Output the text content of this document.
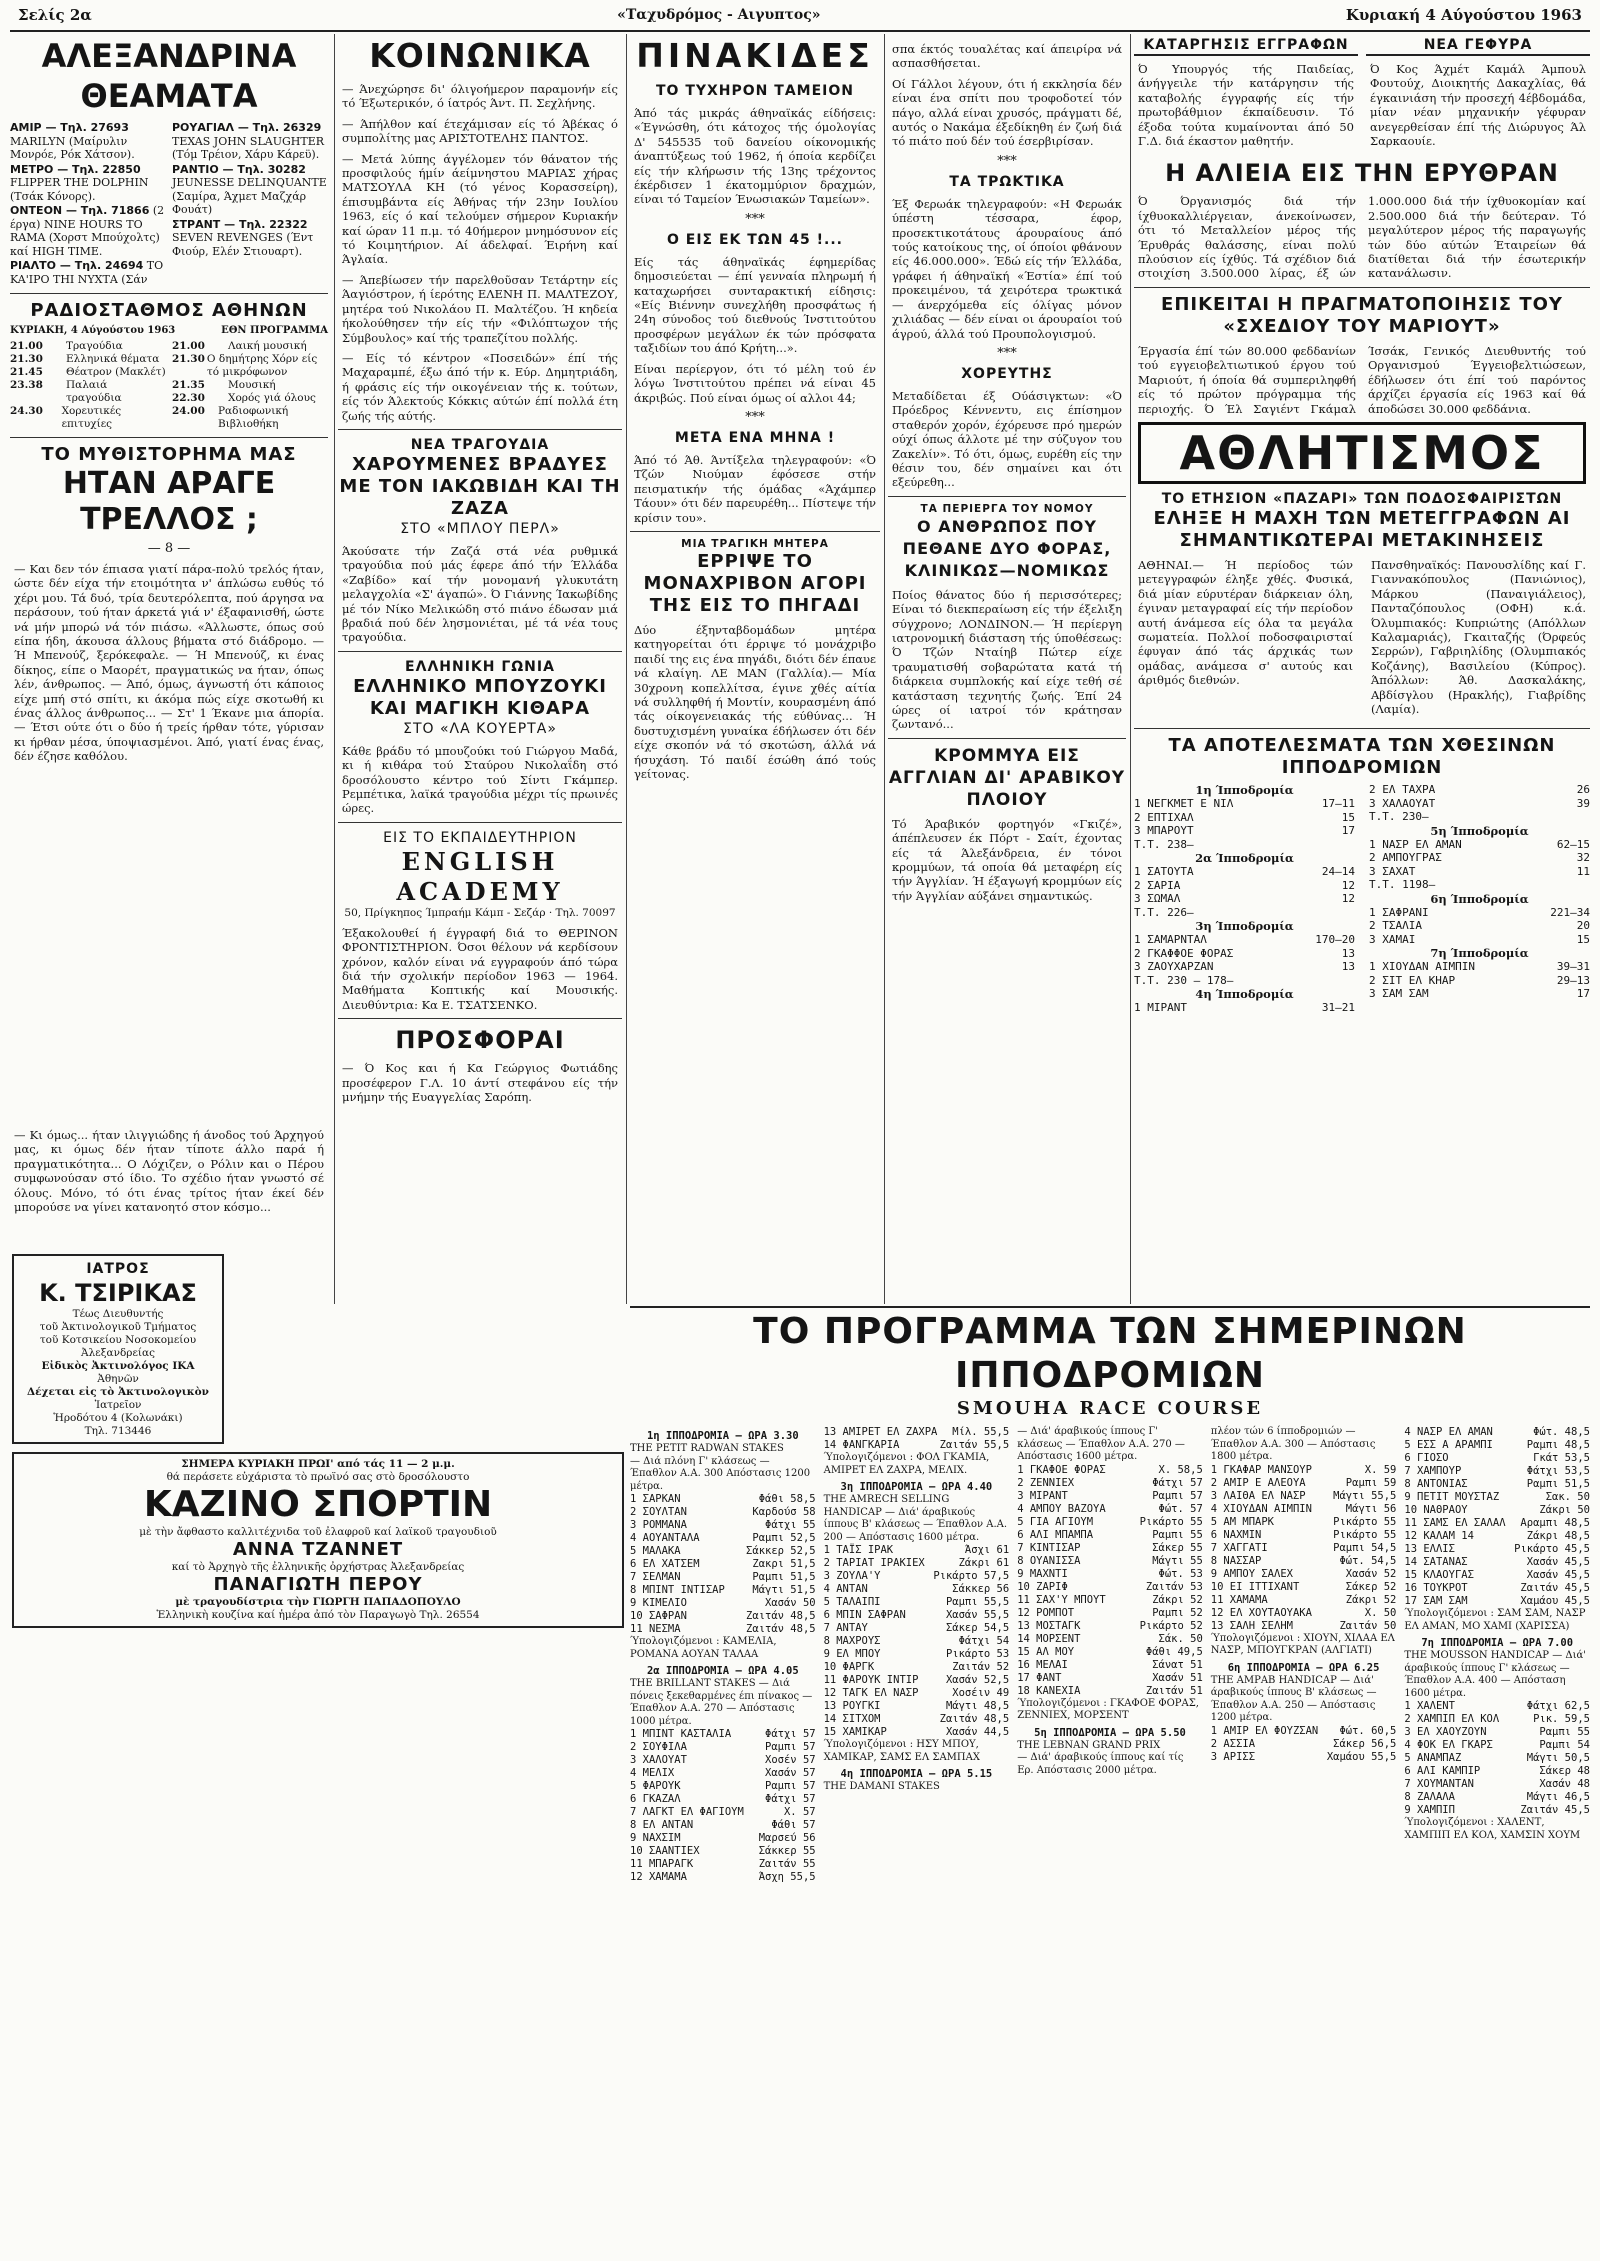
Σελίς 2α	«Ταχυδρόμος - Αιγυπτος»	Κυριακή 4 Αύγούστου 1963
ΑΛΕΞΑΝΔΡΙΝΑ ΘΕΑΜΑΤΑ
ΑΜΙΡ — Τηλ. 27693 MARILYN (Μαίρυλιν Μονρόε, Ρόκ Χάτσον).
ΜΕΤΡΟ — Τηλ. 22850 FLIPPER THE DOLPHIN (Τσάκ Κόνορς).
ΟΝΤΕΟΝ — Τηλ. 71866 (2 έργα) NINE HOURS TO RAMA (Χορστ Μπούχολτς) καί HIGH TIME.
ΡΙΑΛΤΟ — Τηλ. 24694 TO KA'IPO ΤΗΙ ΝΥΧΤΑ (Σάν
ΡΟΥΑΓΙΑΛ — Τηλ. 26329 TEXAS JOHN SLAUGHTER (Τόμ Τρέιον, Χάρυ Κάρεϋ).
ΡΑΝΤΙΟ — Τηλ. 30282 JEUNESSE DELINQUANTE (Σαμίρα, Άχμετ Μαζχάρ Φουάτ)
ΣΤΡΑΝΤ — Τηλ. 22322 SEVEN REVENGES (Έντ Φιούρ, Ελέν Στιουαρτ).
ΡΑΔΙΟΣΤΑΘΜΟΣ ΑΘΗΝΩΝ
ΚΥΡΙΑΚΗ, 4 Αύγούστου 1963	ΕΘΝ ΠΡΟΓΡΑΜΜΑ
21.00	Τραγούδια
21.30	Ελληνικά θέματα
21.45	Θέατρον (Μακλέτ)
23.38	Παλαιά τραγούδια
24.30	Χορευτικές επιτυχίες
21.00	Λαική μουσική
21.30 Ο δημήτρης Χόρν είς τό μικρόφωνον
21.35	Μουσική
22.30	Χορός γιά όλους
24.00	Ραδιοφωνική Βιβλιοθήκη
ΤΟ ΜΥΘΙΣΤΟΡΗΜΑ ΜΑΣ
ΗΤΑΝ ΑΡΑΓΕ ΤΡΕΛΛΟΣ ;
— 8 —

— Και δεν τόν έπιασα γιατί πάρα-πολύ τρελός ήταν, ώστε δέν είχα τήν ετοιμότητα ν' άπλώσω ευθύς τό χέρι μου. Τά δυό, τρία δευτερόλεπτα, πού άργησα να περάσουν, τού ήταν άρκετά γιά ν' έξαφανισθή, ώστε νά μήν μπορώ νά τόν πιάσω. «Άλλωστε, όπως σού είπα ήδη, άκουσα άλλους βήματα στό διάδρομο. — Ή Μπενούζ, ξερόκεφαλε. — Ή Μπενούζ, κι ένας δίκηος, είπε ο Μαορέτ, πραγματικώς να ήταν, όπως λέν, άνθρωπος. — Άπό, όμως, άγνωστή ότι κάποιος είχε μπή στό σπίτι, κι άκόμα πώς είχε σκοτωθή κι ένας άλλος άνθρωπος... — Στ' 1 Έκανε μια άπορία. — Έτσι ούτε ότι ο δύο ή τρείς ήρθαν τότε, γύρισαν κι ήρθαν μέσα, ύποψιασμένοι. Άπό, γιατί ένας ένας, δέν έζησε καθόλου.

— Κι όμως... ήταν ιλιγγιώδης ή άνοδος τού Άρχηγού μας, κι όμως δέν ήταν τίποτε άλλο παρά ή πραγματικότητα... Ο Λόχιζεν, ο Ρόλιν και ο Πέρου συμφωνούσαν στό ίδιο. Το σχέδιο ήταν γνωστό σέ όλους. Μόνο, τό ότι ένας τρίτος ήταν έκεί δέν μπορούσε να γίνει κατανοητό στον κόσμο...

ΙΑΤΡΟΣ
Κ. ΤΣΙΡΙΚΑΣ
Τέως Διευθυντής
τοῦ Ἀκτινολογικοῦ Τμήματος
τοῦ Κοτσικείου Νοσοκομείου
Ἀλεξανδρείας
Εἰδικὸς Ἀκτινολόγος ΙΚΑ
Ἀθηνῶν
Δέχεται εἰς τὸ Ἀκτινολογικὸν
Ἰατρεῖον
Ἡροδότου 4 (Κολωνάκι)
Τηλ. 713446
ΣΗΜΕΡΑ ΚΥΡΙΑΚΗ ΠΡΩΙ' από τάς 11 — 2 μ.μ.
θά περάσετε εὐχάριστα τὸ πρωϊνό σας στὸ δροσόλουστο
ΚΑΖΙΝΟ ΣΠΟΡΤΙΝ
μὲ τὴν ἄφθαστο καλλιτέχνιδα τοῦ ἐλαφροῦ καί λαϊκοῦ τραγουδιοῦ
ΑΝΝΑ ΤΖΑΝΝΕΤ
καί τὸ Ἀρχηγὸ τῆς ἐλληνικῆς ὀρχήστρας Ἀλεξανδρείας
ΠΑΝΑΓΙΩΤΗ ΠΕΡΟΥ
μὲ τραγουδίστρια τὴν ΓΙΩΡΓΗ ΠΑΠΑΔΟΠΟΥΛΟ
Ἑλληνικὴ κουζίνα καί ἡμέρα ἀπό τὸν Παραγωγὸ Τηλ. 26554
ΚΟΙΝΩΝΙΚΑ

— Άνεχώρησε δι' όλιγοήμερον παραμονήν είς τό Έξωτερικόν, ό ίατρός Άντ. Π. Σεχλήνης.

— Άπήλθον καί έτεχάμισαν είς τό Άβέκας ό συμπολίτης μας ΑΡΙΣΤΟΤΕΛΗΣ ΠΑΝΤΟΣ.

— Μετά λύπης άγγέλομεν τόν θάνατον τής προσφιλούς ήμίν άείμνηστου ΜΑΡΙΑΣ χήρας ΜΑΤΣΟΥΛΑ ΚΗ (τό γένος Κορασσείρη), έπισυμβάντα είς Άθήνας τήν 23ην Ιουλίου 1963, είς ό καί τελούμεν σήμερον Κυριακήν καί ώραν 11 π.μ. τό 40ήμερον μνημόσυνον είς τό Κοιμητήριον. Αί άδελφαί. Έιρήνη καί Άγλαία.

— Άπεβίωσεν τήν παρελθοῦσαν Τετάρτην είς Άαγιόστρον, ή ίερότης ΕΛΕΝΗ Π. ΜΑΛΤΕΖΟΥ, μητέρα τού Νικολάου Π. Μαλτέζου. Ή κηδεία ήκολούθησεν τήν είς τήν «Φιλόπτωχον τής Σύμβουλος» καί τής τραπεζίτου πολλής.

— Είς τό κέντρον «Ποσειδών» έπί τής Μαχαραμπέ, έξω άπό τήν κ. Εύρ. Δημητριάδη, ή φράσις είς τήν οικογένειαν τής κ. τούτων, είς τόν Άλεκτούς Κόκκις αύτών έπί πολλά έτη ζωής τής αύτής.

ΝΕΑ ΤΡΑΓΟΥΔΙΑ
ΧΑΡΟΥΜΕΝΕΣ ΒΡΑΔΥΕΣ ΜΕ ΤΟΝ ΙΑΚΩΒΙΔΗ ΚΑΙ ΤΗ ΖΑΖΑ
ΣΤΟ «ΜΠΛΟΥ ΠΕΡΛ»

Άκούσατε τήν Ζαζά στά νέα ρυθμικά τραγούδια πού μάς έφερε άπό τήν Έλλάδα «Ζαβίδο» καί τήν μονομανή γλυκυτάτη μελαγχολία «Σ' άγαπώ». Ό Γιάννης Ίακωβίδης μέ τόν Νίκο Μελικώδη στό πιάνο έδωσαν μιά βραδιά πού δέν λησμονιέται, μέ τά νέα τους τραγούδια.

ΕΛΛΗΝΙΚΗ ΓΩΝΙΑ
ΕΛΛΗΝΙΚΟ ΜΠΟΥΖΟΥΚΙ ΚΑΙ ΜΑΓΙΚΗ ΚΙΘΑΡΑ
ΣΤΟ «ΛΑ ΚΟΥΕΡΤΑ»

Κάθε βράδυ τό μπουζούκι τού Γιώργου Μαδά, κι ή κιθάρα τού Σταύρου Νικολαΐδη στό δροσόλουστο κέντρο τού Σίντι Γκάμπερ. Ρεμπέτικα, λαϊκά τραγούδια μέχρι τίς πρωινές ώρες.

ΕΙΣ ΤΟ ΕΚΠΑΙΔΕΥΤΗΡΙΟΝ
ENGLISH ACADEMY
50, Πρίγκηπος Ίμπραήμ Κάμπ - Σεζάρ · Τηλ. 70097

Έξακολουθεί ή έγγραφή διά το ΘΕΡΙΝΟΝ ΦΡΟΝΤΙΣΤΗΡΙΟΝ. Όσοι θέλουν νά κερδίσουν χρόνον, καλόν είναι νά εγγραφούν άπό τώρα διά τήν σχολικήν περίοδον 1963 — 1964. Μαθήματα Κοπτικής καί Μουσικής. Διευθύντρια: Κα Ε. ΤΣΑΤΣΕΝΚΟ.

ΠΡΟΣΦΟΡΑΙ

— Ό Κος και ή Κα Γεώργιος Φωτιάδης προσέφερον Γ.Λ. 10 άντί στεφάνου είς τήν μνήμην τής Ευαγγελίας Σαρόπη.

ΠΙΝΑΚΙΔΕΣ
ΤΟ ΤΥΧΗΡΟΝ ΤΑΜΕΙΟΝ

Άπό τάς μικράς άθηναϊκάς είδήσεις: «Έγνώσθη, ότι κάτοχος τής όμολογίας Δ' 545535 τοῦ δανείου οίκονομικής άναπτύξεως τού 1962, ή όποία κερδίζει είς τήν κλήρωσιν τής 13ης τρέχοντος έκέρδισεν 1 έκατομμύριον δραχμών, είναι τό Ταμείον Ένωσιακών Ταμείων».

***
Ο ΕΙΣ ΕΚ ΤΩΝ 45 !...

Είς τάς άθηναϊκάς έφημερίδας δημοσιεύεται — έπί γενναία πληρωμή ή καταχωρήσει συνταρακτική είδησις: «Είς Βιέννην συνεχλήθη προσφάτως ή 24η σύνοδος τού διεθνούς Ίνστιτούτου προσφέρων μεγάλων έκ τών πρόσφατα ταξιδίων του άπό Κρήτη...».

Είναι περίεργον, ότι τό μέλη τού έν λόγω Ίνστιτούτου πρέπει νά είναι 45 άκριβώς. Πού είναι όμως οί αλλοι 44;

***
ΜΕΤΑ ΕΝΑ ΜΗΝΑ !

Άπό τό Άθ. Άντίξελα τηλεγραφούν: «Ό Τζών Νιούμαν έφόσεσε στήν πεισματικήν τής όμάδας «Άχάμπερ Τάουν» ότι δέν παρευρέθη... Πίστεψε τήν κρίσιν του».

ΜΙΑ ΤΡΑΓΙΚΗ ΜΗΤΕΡΑ
ΕΡΡΙΨΕ ΤΟ ΜΟΝΑΧΡΙΒΟΝ ΑΓΟΡΙ ΤΗΣ ΕΙΣ ΤΟ ΠΗΓΑΔΙ

Δύο έξηνταβδομάδων μητέρα κατηγορείται ότι έρριψε τό μονάχριβο παιδί της εις ένα πηγάδι, διότι δέν έπαυε νά κλαίγη. ΛΕ ΜΑΝ (Γαλλία).— Μία 30χρονη κοπελλίτσα, έγινε χθές αίτία νά συλληφθή ή Μοντίν, κουρασμένη άπό τάς οίκογενειακάς τής εύθύνας... Ή δυστυχισμένη γυναίκα έδήλωσεν ότι δέν είχε σκοπόν νά τό σκοτώση, άλλά νά ήσυχάση. Τό παιδί έσώθη άπό τούς γείτονας.

σπα έκτός τουαλέτας καί άπειρίρα νά ασπασθήσεται.

Οί Γάλλοι λέγουν, ότι ή εκκλησία δέν είναι ένα σπίτι που τροφοδοτεί τόν πάγο, αλλά είναι χρυσός, πράγματι δέ, αυτός ο Νακάμα έξεδίκηθη έν ζωή διά τό πιάτο πού δέν τού έσερβιρίσαν.

***
ΤΑ ΤΡΩΚΤΙΚΑ

Έξ Φερωάκ τηλεγραφούν: «Η Φερωάκ ύπέστη τέσσαρα, έφορ, προσεκτικοτάτους άρουραίους άπό τούς κατοίκους της, οί όποίοι φθάνουν είς 46.000.000». Έδώ είς τήν Έλλάδα, γράφει ή άθηναϊκή «Έστία» έπί τού προκειμένου, τά χειρότερα τρωκτικά — άνερχόμεθα είς όλίγας μόνον χιλιάδας — δέν είναι οι άρουραίοι τού άγρού, άλλά τού Προυπολογισμού.

***
ΧΟΡΕΥΤΗΣ

Μεταδίδεται έξ Ούάσιγκτων: «Ό Πρόεδρος Κέννεντυ, εις έπίσημον σταθερόν χορόν, έχόρευσε πρό ημερών ούχί όπως άλλοτε μέ την σύζυγον του Ζακελίν». Τό ότι, όμως, ευρέθη είς την θέσιν του, δέν σημαίνει και ότι εξεύρεθη...

ΤΑ ΠΕΡΙΕΡΓΑ ΤΟΥ ΝΟΜΟΥ
Ο ΑΝΘΡΩΠΟΣ ΠΟΥ ΠΕΘΑΝΕ ΔΥΟ ΦΟΡΑΣ, ΚΛΙΝΙΚΩΣ—ΝΟΜΙΚΩΣ

Ποίος θάνατος δύο ή περισσότερες; Είναι τό διεκπεραίωση είς τήν έξελιξη σύγχρονο; ΛΟΝΔΙΝΟΝ.— Ή περίεργη ιατρονομική διάσταση τής ύποθέσεως: Ό Τζών Νταίηβ Πώτερ είχε τραυματισθή σοβαρώτατα κατά τή διάρκεια συμπλοκής καί είχε τεθή σέ κατάσταση τεχνητής ζωής. Έπί 24 ώρες οί ιατροί τόν κράτησαν ζωντανό...

ΚΡΟΜΜΥΑ ΕΙΣ ΑΓΓΛΙΑΝ ΔΙ' ΑΡΑΒΙΚΟΥ ΠΛΟΙΟΥ

Τό Άραβικόν φορτηγόν «Γκιζέ», άπέπλευσεν έκ Πόρτ - Σαίτ, έχοντας είς τά Άλεξάνδρεια, έν τόνοι κρομμύων, τά οποία θά μεταφέρη είς τήν Άγγλίαν. Ή έξαγωγή κρομμύων είς τήν Άγγλίαν αύξάνει σημαντικώς.

ΚΑΤΑΡΓΗΣΙΣ ΕΓΓΡΑΦΩΝ

Ό Υπουργός τής Παιδείας, άνήγγειλε τήν κατάργησιν τής καταβολής έγγραφής είς τήν πρωτοβάθμιον έκπαίδευσιν. Τό έξοδα τούτα κυμαίνονται άπό 50 Γ.Δ. διά έκαστον μαθητήν.

ΝΕΑ ΓΕΦΥΡΑ

Ό Κος Άχμέτ Καμάλ Άμπουλ Φουτούχ, Διοικητής Δακαχλίας, θά έγκαινιάση τήν προσεχή 4έβδομάδα, μίαν νέαν μηχανικήν γέφυραν ανεγερθείσαν έπί τής Διώρυγος Άλ Σαρκαουίε.

Η ΑΛΙΕΙΑ ΕΙΣ ΤΗΝ ΕΡΥΘΡΑΝ

Ό Όργανισμός διά τήν ίχθυοκαλλιέργειαν, άνεκοίνωσεν, ότι τό Μεταλλείον μέρος τής Έρυθράς θαλάσσης, είναι πολύ πλούσιον είς ίχθύς. Τά σχέδιον διά στοιχίση 3.500.000 λίρας, έξ ών 1.000.000 διά τήν ίχθυοκομίαν καί 2.500.000 διά τήν δεύτεραν. Τό μεγαλύτερον μέρος τής παραγωγής τών δύο αύτών Έταιρείων θά διατίθεται διά τήν έσωτερικήν κατανάλωσιν.

ΕΠΙΚΕΙΤΑΙ Η ΠΡΑΓΜΑΤΟΠΟΙΗΣΙΣ ΤΟΥ «ΣΧΕΔΙΟΥ ΤΟΥ ΜΑΡΙΟΥΤ»

Έργασία έπί τών 80.000 φεδδανίων τού εγγειοβελτιωτικού έργου τού Μαριούτ, ή όποία θά συμπεριληφθή είς τό πρώτον πρόγραμμα τής περιοχής. Ό Έλ Σαγιέντ Γκάμαλ Ίσσάκ, Γενικός Διευθυντής τού Οργανισμού Έγγειοβελτιώσεων, έδήλωσεν ότι έπί τού παρόντος άρχίζει έργασία είς 1963 καί θά άποδώσει 30.000 φεδδάνια.

ΑΘΛΗΤΙΣΜΟΣ
ΤΟ ΕΤΗΣΙΟΝ «ΠΑΖΑΡΙ» ΤΩΝ ΠΟΔΟΣΦΑΙΡΙΣΤΩΝ
ΕΛΗΞΕ Η ΜΑΧΗ ΤΩΝ ΜΕΤΕΓΓΡΑΦΩΝ ΑΙ ΣΗΜΑΝΤΙΚΩΤΕΡΑΙ ΜΕΤΑΚΙΝΗΣΕΙΣ

ΑΘΗΝΑΙ.— Ή περίοδος τών μετεγγραφών έληξε χθές. Φυσικά, διά μίαν εύρυτέραν διάρκειαν όλη, έγιναν μεταγραφαί είς τήν περίοδον αυτή άνάμεσα είς όλα τα μεγάλα σωματεία. Πολλοί ποδοσφαιρισταί έφυγαν άπό τάς άρχικάς των ομάδας, ανάμεσα σ' αυτούς και άριθμός διεθνών.

Πανσθηναϊκός: Πανουσλίδης καί Γ. Γιαννακόπουλος (Πανιώνιος), Μάρκου (Παναιγιάλειος), Πανταζόπουλος (ΟΦΗ) κ.ά. Όλυμπιακός: Κυπριώτης (Απόλλων Καλαμαριάς), Γκαιταζής (Όρφεύς Σερρών), Γαβριηλίδης (Ολυμπιακός Κοζάνης), Βασιλείου (Κύπρος). Άπόλλων: Άθ. Δασκαλάκης, Αβδίσγλου (Ηρακλής), Γιαβρίδης (Λαμία).

ΤΑ ΑΠΟΤΕΛΕΣΜΑΤΑ ΤΩΝ ΧΘΕΣΙΝΩΝ ΙΠΠΟΔΡΟΜΙΩΝ
1η Ίπποδρομία
1 ΝΕΓΚΜΕΤ Ε ΝΙΛ	17—11
2 ΕΠΤΙΧΑΛ	15
3 ΜΠΑΡΟΥΤ	17
Τ.Τ. 238—
2α Ίπποδρομία
1 ΣΑΤΟΥΤΑ	24—14
2 ΣΑΡΙΑ	12
3 ΣΩΜΑΛ	12
Τ.Τ. 226—
3η Ίπποδρομία
1 ΣΑΜΑΡΝΤΑΛ	170—20
2 ΓΚΑΦΦΟΕ ΦΟΡΑΣ	13
3 ΖΑΟΥΧΑΡΖΑΝ	13
Τ.Τ. 230 — 178—
4η Ίπποδρομία
1 ΜΙΡΑΝΤ	31—21
2 ΕΛ ΤΑΧΡΑ	26
3 ΧΑΛΑΟΥΑΤ	39
Τ.Τ. 230—
5η Ίπποδρομία
1 ΝΑΣΡ ΕΛ ΑΜΑΝ	62—15
2 ΑΜΠΟΥΓΡΑΣ	32
3 ΣΑΧΑΤ	11
Τ.Τ. 1198—
6η Ίπποδρομία
1 ΣΑΦΡΑΝΙ	221—34
2 ΤΣΑΛΙΑ	20
3 ΧΑΜΑΙ	15
7η Ίπποδρομία
1 ΧΙΟΥΔΑΝ ΑΙΜΠΙΝ	39—31
2 ΣΙΤ ΕΛ ΚΗΑΡ	29—13
3 ΣΑΜ ΣΑΜ	17
ΤΟ ΠΡΟΓΡΑΜΜΑ ΤΩΝ ΣΗΜΕΡΙΝΩΝ ΙΠΠΟΔΡΟΜΙΩΝ
SMOUHA RACE COURSE
1η ΙΠΠΟΔΡΟΜΙΑ — ΩΡΑ 3.30
THE PETIT RADWAN STAKES
— Διά πλόνη Γ' κλάσεως — Έπαθλον Α.Α. 300 Απόστασις 1200 μέτρα.
1 ΣΑΡΚΑΝ	Φάθι 58,5
2 ΣΟΥΛΤΑΝ	Καρδούσ 58
3 ΡΟΜΜΑΝΑ	Φάτχι 55
4 ΑΟΥΑΝΤΑΛΑ	Ραμπι 52,5
5 ΜΑΛΑΚΑ	Σάκκερ 52,5
6 ΕΛ ΧΑΤΣΕΜ	Ζακρι 51,5
7 ΣΕΛΜΑΝ	Ραμπι 51,5
8 ΜΠΙΝΤ ΙΝΤΙΣΑΡ	Μάγτι 51,5
9 ΚΙΜΕΛΙΟ	Χασάν 50
10 ΣΑΦΡΑΝ	Ζαιτάν 48,5
11 ΝΕΣΜΑ	Ζαιτάν 48,5
Ύπολογιζόμενοι : ΚΑΜΕΛΙΑ, ΡΟΜΑΝΑ ΑΟΥΑΝ ΤΑΛΑΑ
2α ΙΠΠΟΔΡΟΜΙΑ — ΩΡΑ 4.05
THE BRILLANT STAKES — Διά πόνεις ξεκεθαρμένες έπι πίνακος — Έπαθλον Α.Α. 270 — Απόστασις 1000 μέτρα.
1 ΜΠΙΝΤ ΚΑΣΤΑΛΙΑ	Φάτχι 57
2 ΣΟΥΦΙΛΑ	Ραμπι 57
3 ΧΑΛΟΥΑΤ	Χοσέν 57
4 ΜΕΛΙΧ	Χασάν 57
5 ΦΑΡΟΥΚ	Ραμπι 57
6 ΓΚΑΖΑΛ	Φάτχι 57
7 ΛΑΓΚΤ ΕΛ ΦΑΓΙΟΥΜ	Χ. 57
8 ΕΛ ΑΝΤΑΝ	Φάθι 57
9 ΝΑΧΣΙΜ	Μαρσεύ 56
10 ΣΑΑΝΤΙΕΧ	Σάκκερ 55
11 ΜΠΑΡΑΓΚ	Ζαιτάν 55
12 ΧΑΜΑΜΑ	Άσχη 55,5
13 ΑΜΙΡΕΤ ΕΛ ΖΑΧΡΑ Μίλ. 55,5
14 ΦΑΝΓΚΑΡΙΑ	Ζαιτάν 55,5
Ύπολογιζόμενοι : ΦΟΛ ΓΚΑΜΙΑ, ΑΜΙΡΕΤ ΕΛ ΖΑΧΡΑ, ΜΕΛΙΧ.
3η ΙΠΠΟΔΡΟΜΙΑ — ΩΡΑ 4.40
THE AMRECH SELLING HANDICAP — Διά' άραβικούς ίππους Β' κλάσεως — Έπαθλον Α.Α. 200 — Απόστασις 1600 μέτρα.
1 ΤΑΪΣ ΙΡΑΚ	Άσχι 61
2 ΤΑΡΙΑΤ ΙΡΑΚΙΕΧ	Ζάκρι 61
3 ΖΟΥΛΑ'Υ	Ρικάρτο 57,5
4 ΑΝΤΑΝ	Σάκκερ 56
5 ΤΑΛΑΙΠΙ	Ραμπι 55,5
6 ΜΠΙΝ ΣΑΦΡΑΝ	Χασάν 55,5
7 ΑΝΤΑΥ	Σάκερ 54,5
8 ΜΑΧΡΟΥΣ	Φάτχι 54
9 ΕΛ ΜΠΟΥ	Ρικάρτο 53
10 ΦΑΡΓΚ	Ζαιτάν 52
11 ΦΑΡΟΥΚ ΙΝΤΙΡ	Χασάν 52,5
12 ΤΑΓΚ ΕΛ ΝΑΣΡ	Χοσέιν 49
13 ΡΟΥΓΚΙ	Μάγτι 48,5
14 ΣΙΤΧΟΜ	Ζαιτάν 48,5
15 ΧΑΜΙΚΑΡ	Χασάν 44,5
Ύπολογιζόμενοι : ΗΣΥ ΜΠΟΥ, ΧΑΜΙΚΑΡ, ΣΑΜΣ ΕΛ ΣΑΜΠΑΧ
4η ΙΠΠΟΔΡΟΜΙΑ — ΩΡΑ 5.15
THE DAMANI STAKES
— Διά' άραβικούς ίππους Γ' κλάσεως — Έπαθλον Α.Α. 270 — Απόστασις 1600 μέτρα.
1 ΓΚΑΦΟΕ ΦΟΡΑΣ	Χ. 58,5
2 ΖΕΝΝΙΕΧ	Φάτχι 57
3 ΜΙΡΑΝΤ	Ραμπι 57
4 ΑΜΠΟΥ ΒΑΖΟΥΑ	Φώτ. 57
5 ΓΙΑ ΑΓΙΟΥΜ	Ρικάρτο 55
6 ΑΛΙ ΜΠΑΜΠΑ	Ραμπι 55
7 ΚΙΝΤΙΣΑΡ	Σάκερ 55
8 ΟΥΑΝΙΣΣΑ	Μάγτι 55
9 ΜΑΧΝΤΙ	Φώτ. 53
10 ΖΑΡΙΦ	Ζαιτάν 53
11 ΣΑΧ'Υ ΜΠΟΥΤ	Ζάκρι 52
12 ΡΟΜΠΟΤ	Ραμπι 52
13 ΜΟΣΤΑΓΚ	Ρικάρτο 52
14 ΜΟΡΣΕΝΤ	Σάκ. 50
15 ΑΛ ΜΟΥ	Φάθι 49,5
16 ΜΕΛΑΙ	Σάνατ 51
17 ΦΑΝΤ	Χασάν 51
18 ΚΑΝΕΧΙΑ	Ζαιτάν 51
Ύπολογιζόμενοι : ΓΚΑΦΟΕ ΦΟΡΑΣ, ΖΕΝΝΙΕΧ, ΜΟΡΣΕΝΤ
5η ΙΠΠΟΔΡΟΜΙΑ — ΩΡΑ 5.50
THE LEBNAN GRAND PRIX
— Διά' άραβικούς ίππους καί τίς Ερ. Απόστασις 2000 μέτρα.
πλέον τών 6 ίπποδρομιών — Έπαθλον Α.Α. 300 — Απόστασις 1800 μέτρα.
1 ΓΚΑΦΑΡ ΜΑΝΣΟΥΡ	Χ. 59
2 ΑΜΙΡ Ε ΑΛΕΟΥΑ	Ραμπι 59
3 ΛΑΙΘΑ ΕΛ ΝΑΣΡ	Μάγτι 55,5
4 ΧΙΟΥΔΑΝ ΑΙΜΠΙΝ	Μάγτι 56
5 ΑΜ ΜΠΑΡΚ	Ρικάρτο 55
6 ΝΑΧΜΙΝ	Ρικάρτο 55
7 ΧΑΓΓΑΤΙ	Ραμπι 54,5
8 ΝΑΣΣΑΡ	Φώτ. 54,5
9 ΑΜΠΟΥ ΣΑΛΕΧ	Χασάν 52
10 ΕΙ ΙΤΤΙΧΑΝΤ	Σάκερ 52
11 ΧΑΜΑΜΑ	Ζάκρι 52
12 ΕΛ ΧΟΥΤΑΟΥΑΚΑ	Χ. 50
13 ΣΑΛΗ ΣΕΛΗΜ	Ζαιτάν 50
Ύπολογιζόμενοι : ΧΙΟΥΝ, ΧΙΛΑΑ ΕΛ ΝΑΣΡ, ΜΠΟΥΓΚΡΑΝ (ΑΛΓΙΑΤΙ)
6η ΙΠΠΟΔΡΟΜΙΑ — ΩΡΑ 6.25
THE ΑΜΡΑΒ HANDICAP — Διά' άραβικούς ίππους Β' κλάσεως — Έπαθλον Α.Α. 250 — Απόστασις 1200 μέτρα.
1 ΑΜΙΡ ΕΛ ΦΟΥΖΣΑΝ Φώτ. 60,5
2 ΑΣΣΙΑ	Σάκερ 56,5
3 ΑΡΙΣΣ	Χαμάου 55,5
4 ΝΑΣΡ ΕΛ ΑΜΑΝ	Φώτ. 48,5
5 ΕΣΣ Α ΑΡΑΜΠΙ	Ραμπι 48,5
6 ΓΙΟΣΟ	Γκάτ 53,5
7 ΧΑΜΠΟΥΡ	Φάτχι 53,5
8 ΑΝΤΟΝΙΑΣ	Ραμπι 51,5
9 ΠΕΤΙΤ ΜΟΥΣΤΑΖ	Σακ. 50
10 ΝΑΘΡΑΟΥ	Ζάκρι 50
11 ΣΑΜΣ ΕΛ ΣΑΛΑΛ Αραμπι 48,5
12 ΚΑΛΑΜ 14	Ζάκρι 48,5
13 ΕΛΛΙΣ	Ρικάρτο 45,5
14 ΣΑΤΑΝΑΣ	Χασάν 45,5
15 ΚΛΑΟΥΓΑΣ	Χασάν 45,5
16 ΤΟΥΚΡΟΤ	Ζαιτάν 45,5
17 ΣΑΜ ΣΑΜ	Χαμάου 45,5
Ύπολογιζόμενοι : ΣΑΜ ΣΑΜ, ΝΑΣΡ ΕΛ ΑΜΑΝ, ΜΟ ΧΑΜΙ (ΧΑΡΙΣΣΑ)
7η ΙΠΠΟΔΡΟΜΙΑ — ΩΡΑ 7.00
THE MOUSSON HANDICAP — Διά' άραβικούς ίππους Γ' κλάσεως — Έπαθλον Α.Α. 400 — Απόσταση 1600 μέτρα.
1 ΧΑΛΕΝΤ	Φάτχι 62,5
2 ΧΑΜΠΙΠ ΕΛ ΚΟΛ	Ρικ. 59,5
3 ΕΛ ΧΑΟΥΖΟΥΝ	Ραμπι 55
4 ΦΟΚ ΕΛ ΓΚΑΡΣ	Ραμπι 54
5 ΑΝΑΜΠΑΖ	Μάγτι 50,5
6 ΑΛΙ ΚΑΜΠΙΡ	Σάκερ 48
7 ΧΟΥΜΑΝΤΑΝ	Χασάν 48
8 ΖΑΛΑΛΑ	Μάγτι 46,5
9 ΧΑΜΠΙΠ	Ζαιτάν 45,5
Ύπολογιζόμενοι : ΧΑΛΕΝΤ, ΧΑΜΠΙΠ ΕΛ ΚΟΛ, ΧΑΜΣΙΝ ΧΟΥΜ
